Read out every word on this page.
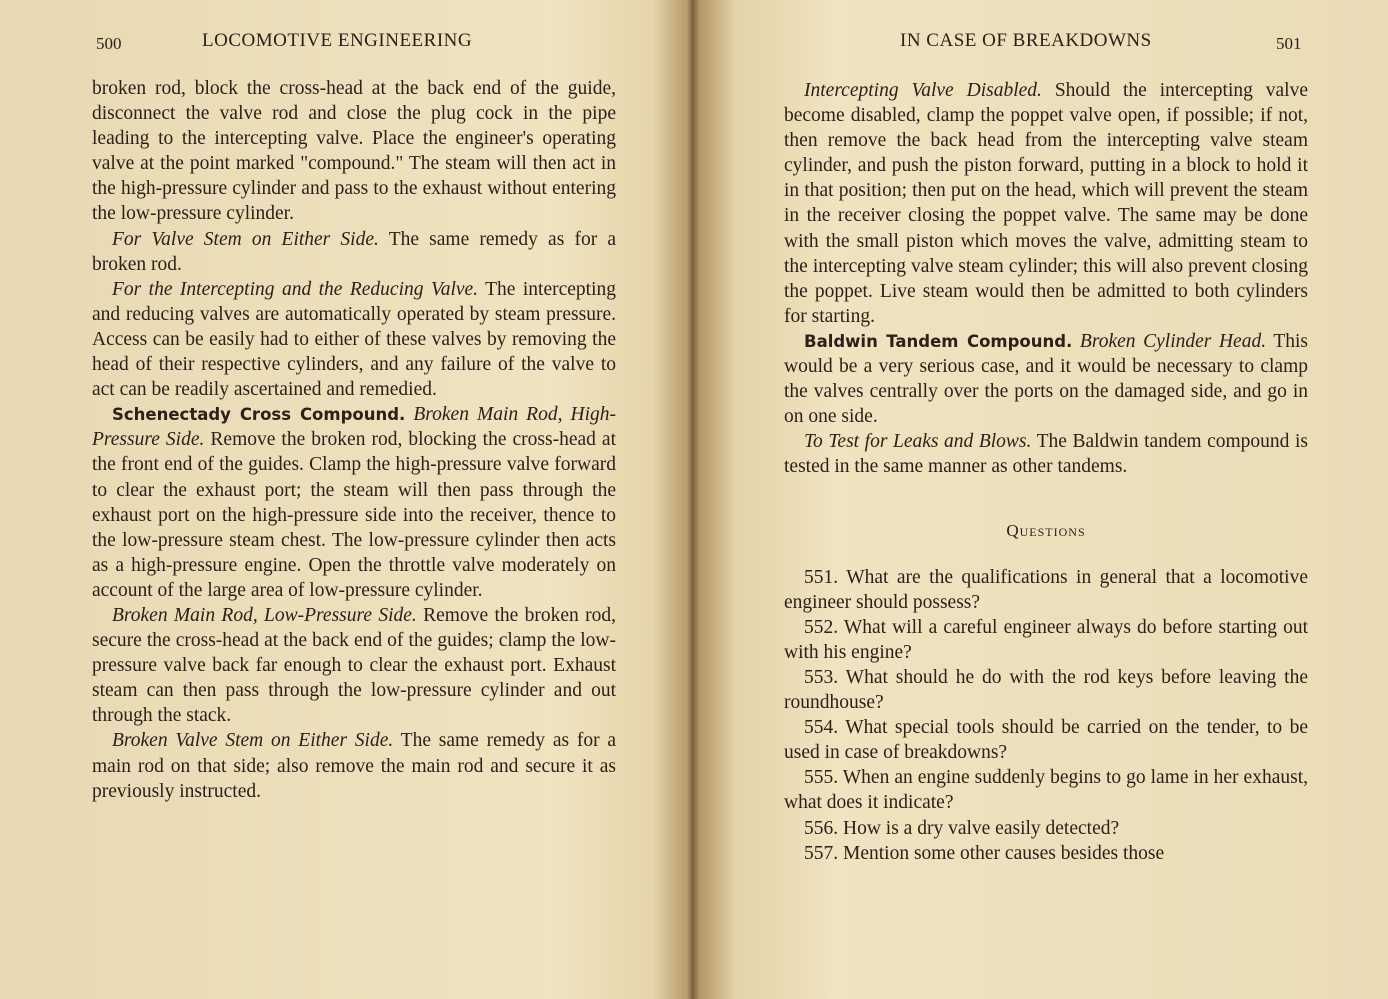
500	LOCOMOTIVE ENGINEERING

broken rod, block the cross-head at the back end of the guide, disconnect the valve rod and close the plug cock in the pipe leading to the intercepting valve. Place the engineer's operating valve at the point marked "compound." The steam will then act in the high-pressure cylinder and pass to the exhaust without entering the low-pressure cylinder.

For Valve Stem on Either Side. The same remedy as for a broken rod.

For the Intercepting and the Reducing Valve. The intercepting and reducing valves are automatically operated by steam pressure. Access can be easily had to either of these valves by removing the head of their respective cylinders, and any failure of the valve to act can be readily ascertained and remedied.

Schenectady Cross Compound. Broken Main Rod, High-Pressure Side. Remove the broken rod, blocking the cross-head at the front end of the guides. Clamp the high-pressure valve forward to clear the exhaust port; the steam will then pass through the exhaust port on the high-pressure side into the receiver, thence to the low-pressure steam chest. The low-pressure cylinder then acts as a high-pressure engine. Open the throttle valve moderately on account of the large area of low-pressure cylinder.

Broken Main Rod, Low-Pressure Side. Remove the broken rod, secure the cross-head at the back end of the guides; clamp the low-pressure valve back far enough to clear the exhaust port. Exhaust steam can then pass through the low-pressure cylinder and out through the stack.

Broken Valve Stem on Either Side. The same remedy as for a main rod on that side; also remove the main rod and secure it as previously instructed.

IN CASE OF BREAKDOWNS	501

Intercepting Valve Disabled. Should the intercepting valve become disabled, clamp the poppet valve open, if possible; if not, then remove the back head from the intercepting valve steam cylinder, and push the piston forward, putting in a block to hold it in that position; then put on the head, which will prevent the steam in the receiver closing the poppet valve. The same may be done with the small piston which moves the valve, admitting steam to the intercepting valve steam cylinder; this will also prevent closing the poppet. Live steam would then be admitted to both cylinders for starting.

Baldwin Tandem Compound. Broken Cylinder Head. This would be a very serious case, and it would be necessary to clamp the valves centrally over the ports on the damaged side, and go in on one side.

To Test for Leaks and Blows. The Baldwin tandem compound is tested in the same manner as other tandems.

Questions

551. What are the qualifications in general that a locomotive engineer should possess?

552. What will a careful engineer always do before starting out with his engine?

553. What should he do with the rod keys before leaving the roundhouse?

554. What special tools should be carried on the tender, to be used in case of breakdowns?

555. When an engine suddenly begins to go lame in her exhaust, what does it indicate?

556. How is a dry valve easily detected?

557. Mention some other causes besides those
